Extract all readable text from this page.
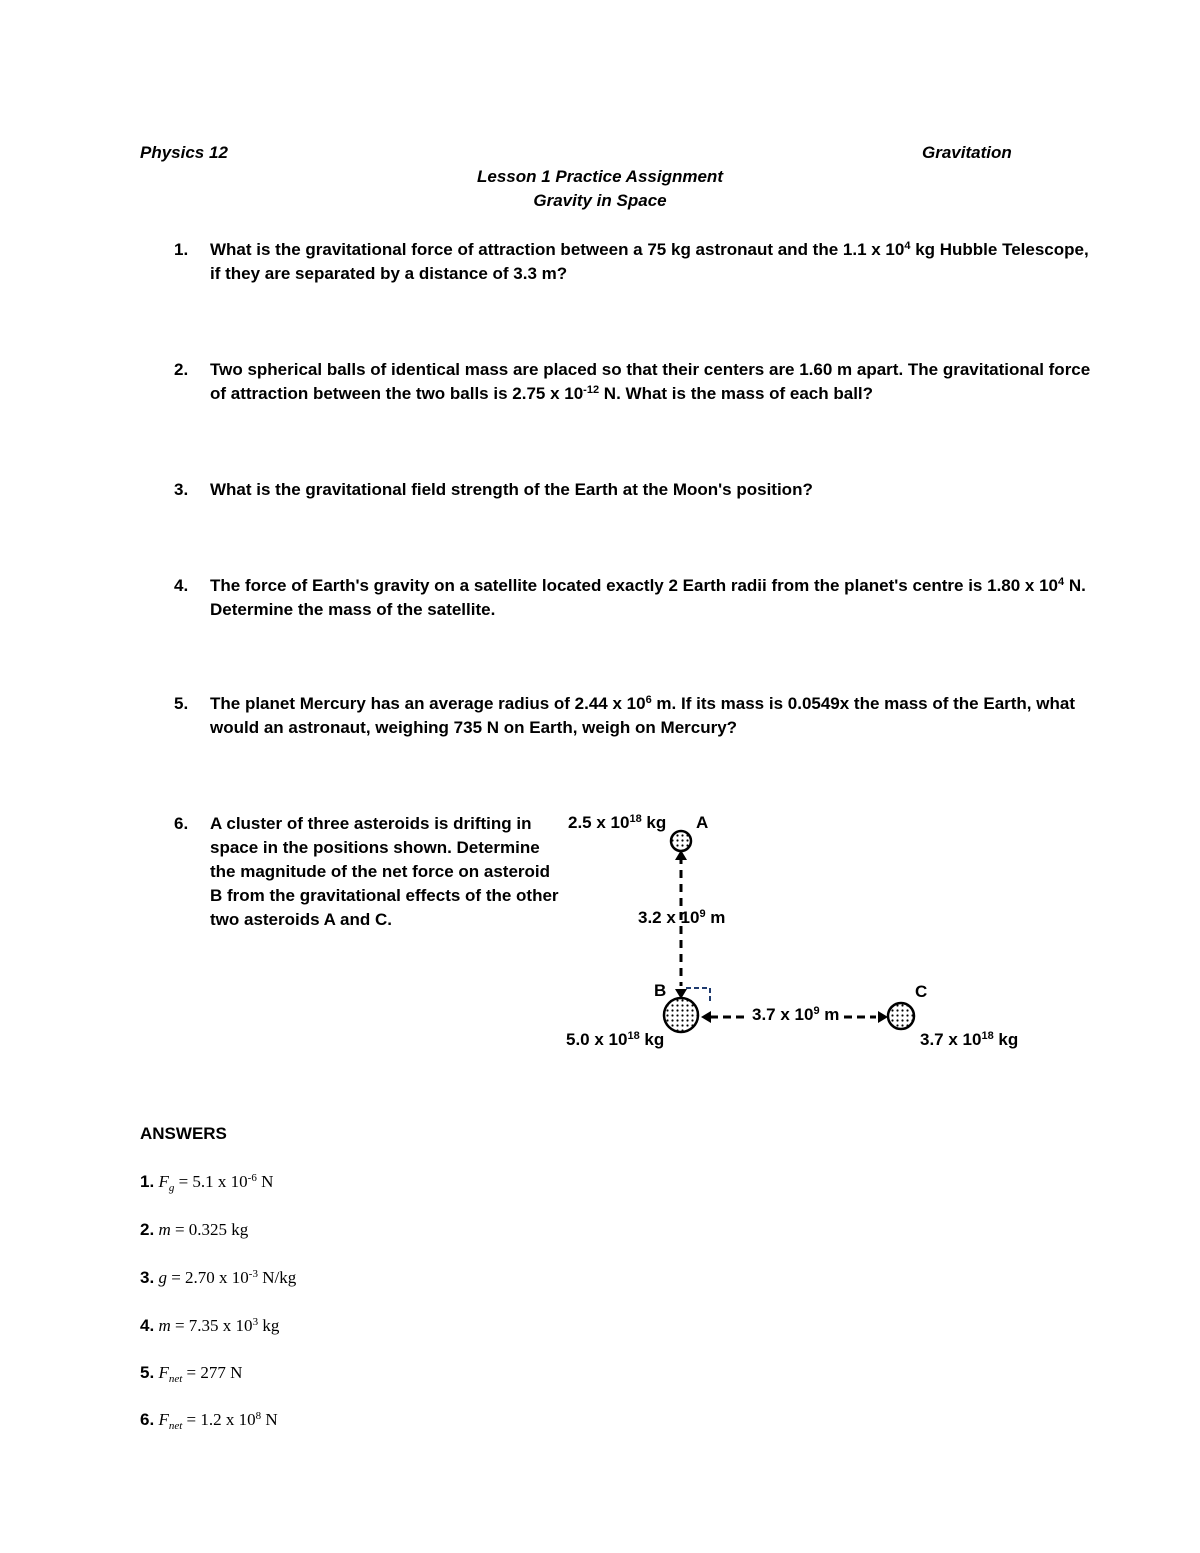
Physics 12	Gravitation
Lesson 1 Practice Assignment
Gravity in Space
1. What is the gravitational force of attraction between a 75 kg astronaut and the 1.1 x $10^4$ kg Hubble Telescope, if they are separated by a distance of 3.3 m?
2. Two spherical balls of identical mass are placed so that their centers are 1.60 m apart. The gravitational force of attraction between the two balls is 2.75 x $10^{-12}$ N. What is the mass of each ball?
3. What is the gravitational field strength of the Earth at the Moon's position?
4. The force of Earth's gravity on a satellite located exactly 2 Earth radii from the planet's centre is 1.80 x $10^4$ N. Determine the mass of the satellite.
5. The planet Mercury has an average radius of 2.44 x $10^6$ m. If its mass is 0.0549x the mass of the Earth, what would an astronaut, weighing 735 N on Earth, weigh on Mercury?
6. A cluster of three asteroids is drifting in space in the positions shown. Determine the magnitude of the net force on asteroid B from the gravitational effects of the other two asteroids A and C.
2.5 x $10^{18}$ kg A
3.2 x $10^9$ m
B
5.0 x $10^{18}$ kg
3.7 x $10^9$ m
C
3.7 x $10^{18}$ kg
ANSWERS
1. $F_g = 5.1$ x $10^{-6}$ N
2. m = 0.325 kg
3. g = 2.70 x $10^{-3}$ N/kg
4. m = 7.35 x $10^3$ kg
5. $F_{net} = 277$ N
6. $F_{net} = 1.2$ x $10^8$ N
